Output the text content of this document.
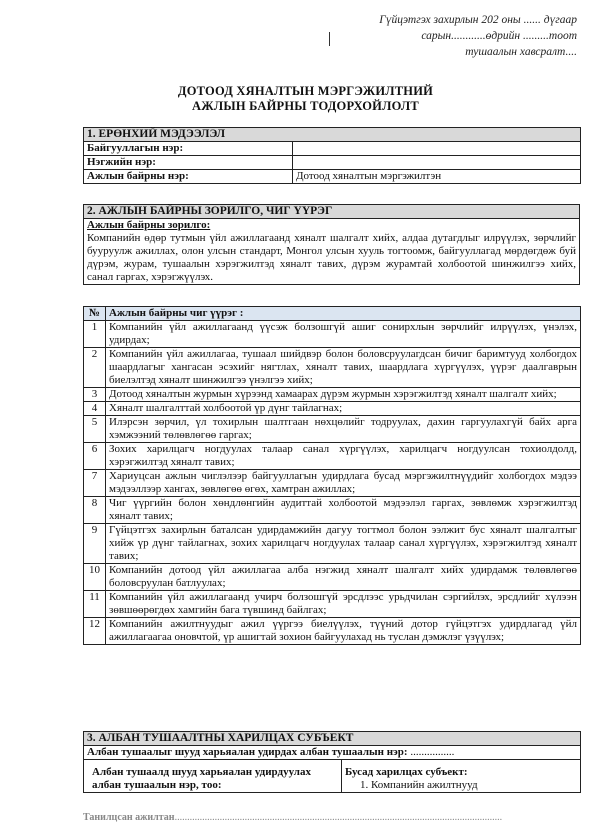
Гүйцэтгэх захирлын 202 оны ...... дүгаар
сарын............өдрийн .........тоот
тушаалын хавсралт....
ДОТООД ХЯНАЛТЫН МЭРГЭЖИЛТНИЙ
АЖЛЫН БАЙРНЫ ТОДОРХОЙЛОЛТ
1. ЕРӨНХИЙ МЭДЭЭЛЭЛ	
Байгууллагын нэр:	
Нэгжийн нэр:	
Ажлын байрны нэр:	Дотоод хяналтын мэргэжилтэн
2. АЖЛЫН БАЙРНЫ ЗОРИЛГО, ЧИГ ҮҮРЭГ

Ажлын байрны зорилго:
Компанийн өдөр тутмын үйл ажиллагаанд хяналт шалгалт хийх, алдаа дутагдлыг илрүүлэх, зөрчлийг бууруулж ажиллах, олон улсын стандарт, Монгол улсын хууль тогтоомж, байгууллагад мөрдөгдөж буй дүрэм, журам, тушаалын хэрэгжилтэд хяналт тавих, дүрэм журамтай холбоотой шинжилгээ хийх, санал гаргах, хэрэгжүүлэх.
№	Ажлын байрны чиг үүрэг :
1	Компанийн үйл ажиллагаанд үүсэж болзошгүй ашиг сонирхлын зөрчлийг илрүүлэх, үнэлэх, удирдах;
2	Компанийн үйл ажиллагаа, тушаал шийдвэр болон боловсруулагдсан бичиг баримтууд холбогдох шаардлагыг хангасан эсэхийг нягтлах, хяналт тавих, шаардлага хүргүүлэх, үүрэг даалгаврын биелэлтэд хяналт шинжилгээ үнэлгээ хийх;
3	Дотоод хяналтын журмын хүрээнд хамаарах дүрэм журмын хэрэгжилтэд хяналт шалгалт хийх;
4	Хяналт шалгалттай холбоотой үр дүнг тайлагнах;
5	Илэрсэн зөрчил, үл тохирлын шалтгаан нөхцөлийг тодруулах, дахин гаргуулахгүй байх арга хэмжээний төлөвлөгөө гаргах;
6	Зохих харилцагч ногдуулах талаар санал хүргүүлэх, харилцагч ногдуулсан тохиолдолд, хэрэгжилтэд хяналт тавих;
7	Хариуцсан ажлын чиглэлээр байгууллагын удирдлага бусад мэргэжилтнүүдийг холбогдох мэдээ мэдээллээр хангах, зөвлөгөө өгөх, хамтран ажиллах;
8	Чиг үүргийн болон хөндлөнгийн аудиттай холбоотой мэдээлэл гаргах, зөвлөмж хэрэгжилтэд хяналт тавих;
9	Гүйцэтгэх захирлын баталсан удирдамжийн дагуу тогтмол болон ээлжит бус хяналт шалгалтыг хийж үр дүнг тайлагнах, зохих харилцагч ногдуулах талаар санал хүргүүлэх, хэрэгжилтэд хяналт тавих;
10	Компанийн дотоод үйл ажиллагаа алба нэгжид хяналт шалгалт хийх удирдамж төлөвлөгөө боловсруулан батлуулах;
11	Компанийн үйл ажиллагаанд учирч болзошгүй эрсдлээс урьдчилан сэргийлэх, эрсдлийг хүлээн зөвшөөрөгдөх хамгийн бага түвшинд байлгах;
12	Компанийн ажилтнуудыг ажил үүргээ биелүүлэх, түүний дотор гүйцэтгэх удирдлагад үйл ажиллагаагаа оновчтой, үр ашигтай зохион байгуулахад нь туслан дэмжлэг үзүүлэх;
3. АЛБАН ТУШААЛТНЫ ХАРИЛЦАХ СУБЪЕКТ
Албан тушаалыг шууд харьяалан удирдах албан тушаалын нэр: ................
Албан тушаалд шууд харьяалан удирдуулах албан тушаалын нэр, тоо:	
Бусад харилцах субъект:
1. Компанийн ажилтнууд
Танилцсан ажилтан...................................................................................................................................
